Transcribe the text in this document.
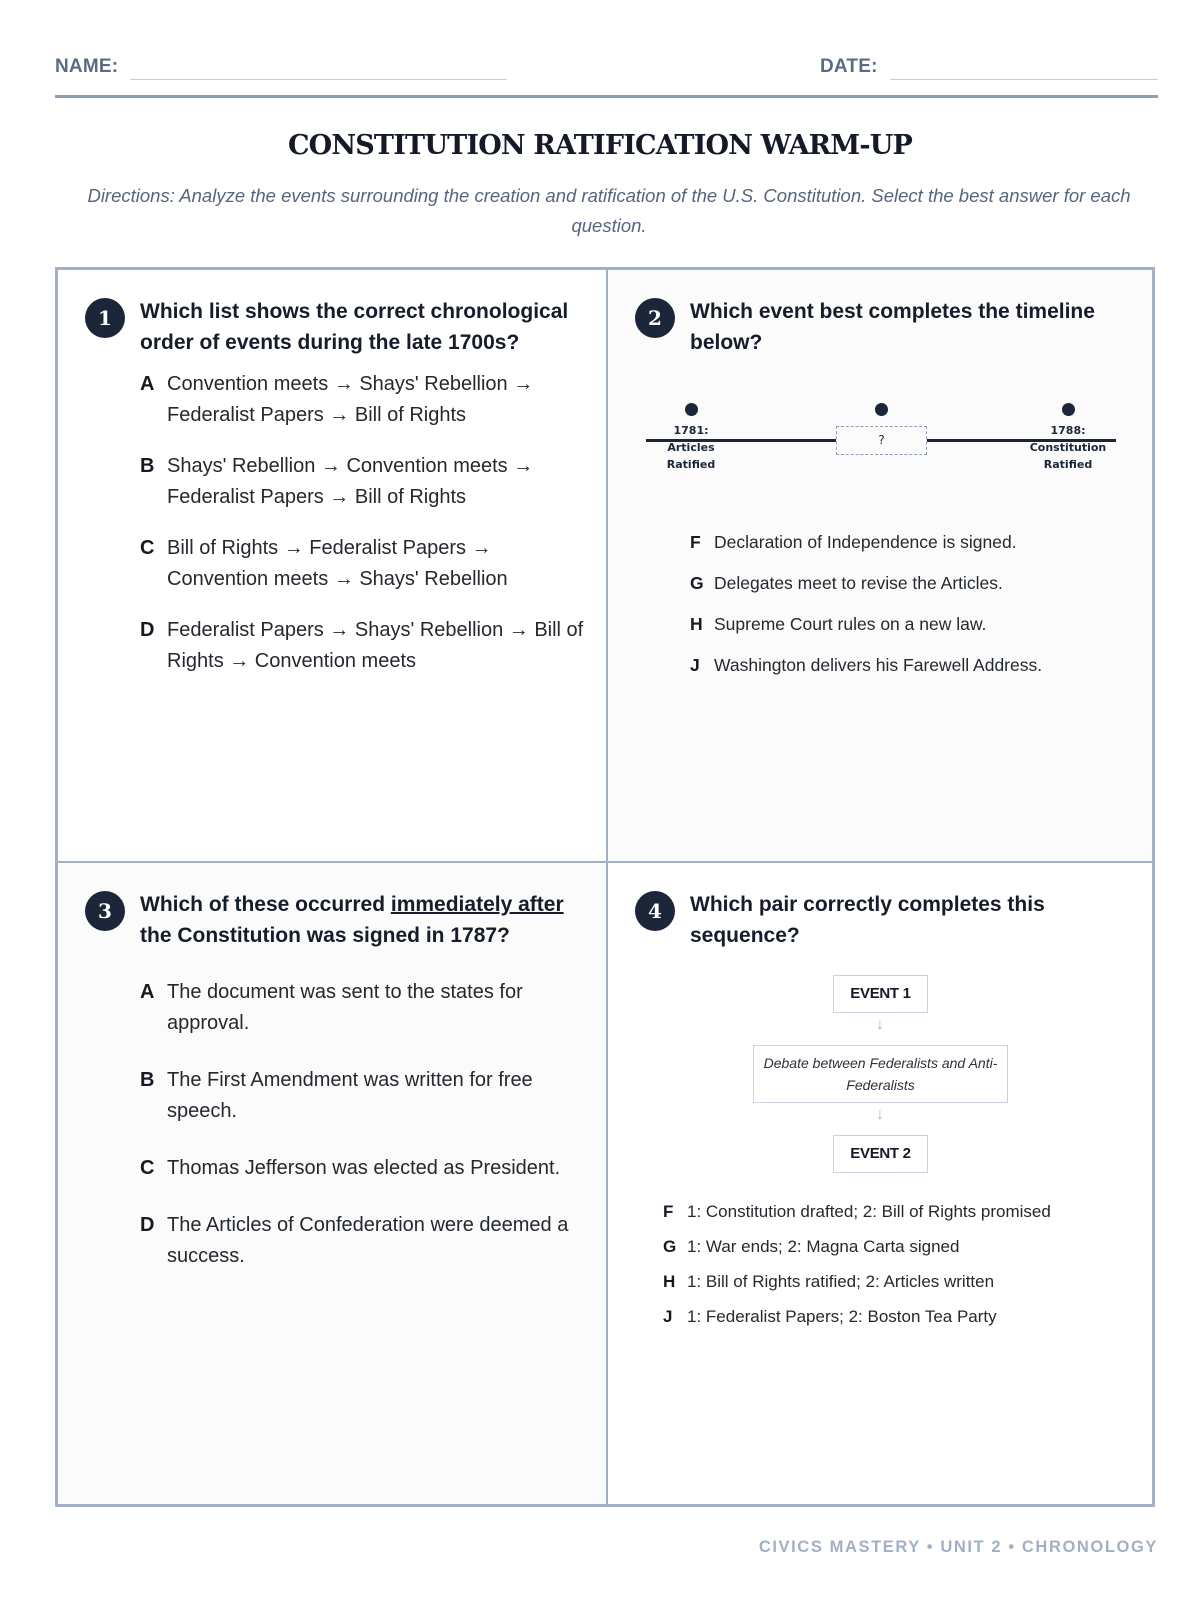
NAME:	DATE:
CONSTITUTION RATIFICATION WARM-UP
Directions: Analyze the events surrounding the creation and ratification of the U.S. Constitution. Select the best answer for each question.
1	Which list shows the correct chronological order of events during the late 1700s?
A Convention meets → Shays' Rebellion → Federalist Papers → Bill of Rights
B Shays' Rebellion → Convention meets → Federalist Papers → Bill of Rights
C Bill of Rights → Federalist Papers → Convention meets → Shays' Rebellion
D Federalist Papers → Shays' Rebellion → Bill of Rights → Convention meets
2	Which event best completes the timeline below?
1781:
Articles
Ratified
?
1788:
Constitution
Ratified
F Declaration of Independence is signed.
G Delegates meet to revise the Articles.
H Supreme Court rules on a new law.
J Washington delivers his Farewell Address.
3	Which of these occurred immediately after the Constitution was signed in 1787?
A The document was sent to the states for approval.
B The First Amendment was written for free speech.
C Thomas Jefferson was elected as President.
D The Articles of Confederation were deemed a success.
4	Which pair correctly completes this sequence?
EVENT 1
↓
Debate between Federalists and Anti-Federalists
↓
EVENT 2
F 1: Constitution drafted; 2: Bill of Rights promised
G 1: War ends; 2: Magna Carta signed
H 1: Bill of Rights ratified; 2: Articles written
J 1: Federalist Papers; 2: Boston Tea Party
CIVICS MASTERY • UNIT 2 • CHRONOLOGY
